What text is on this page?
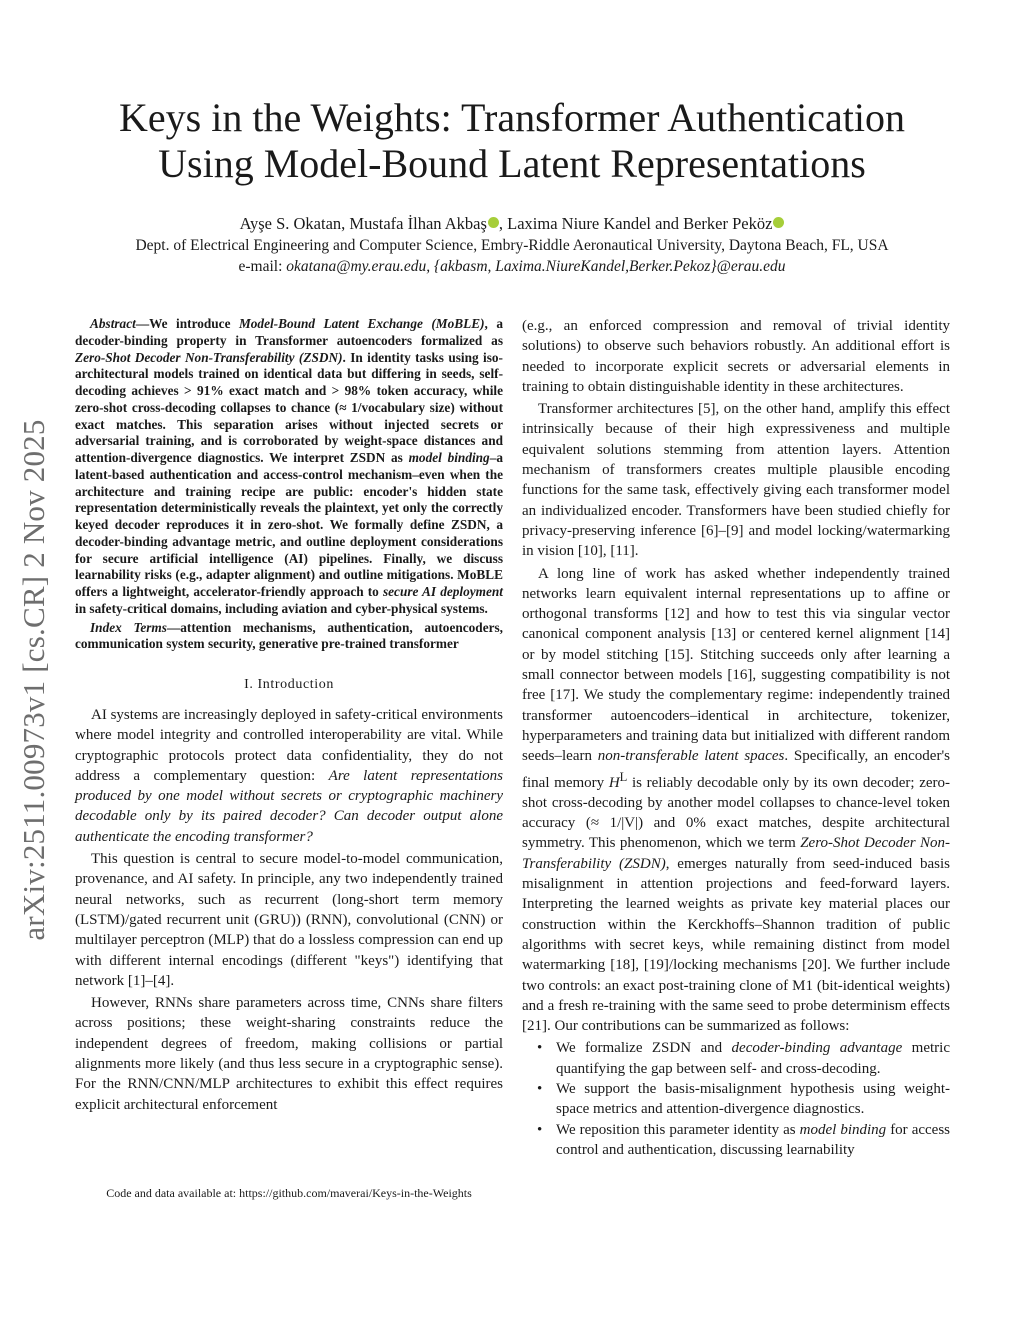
arXiv:2511.00973v1 [cs.CR] 2 Nov 2025
Keys in the Weights: Transformer Authentication
Using Model-Bound Latent Representations
Ayşe S. Okatan, Mustafa İlhan Akbaş , Laxima Niure Kandel and Berker Peköz
Dept. of Electrical Engineering and Computer Science, Embry-Riddle Aeronautical University, Daytona Beach, FL, USA
e-mail: okatana@my.erau.edu, {akbasm, Laxima.NiureKandel,Berker.Pekoz}@erau.edu

Abstract—We introduce Model-Bound Latent Exchange (MoBLE), a decoder-binding property in Transformer autoencoders formalized as Zero-Shot Decoder Non-Transferability (ZSDN). In identity tasks using iso-architectural models trained on identical data but differing in seeds, self-decoding achieves > 91% exact match and > 98% token accuracy, while zero-shot cross-decoding collapses to chance (≈ 1/vocabulary size) without exact matches. This separation arises without injected secrets or adversarial training, and is corroborated by weight-space distances and attention-divergence diagnostics. We interpret ZSDN as model binding–a latent-based authentication and access-control mechanism–even when the architecture and training recipe are public: encoder's hidden state representation deterministically reveals the plaintext, yet only the correctly keyed decoder reproduces it in zero-shot. We formally define ZSDN, a decoder-binding advantage metric, and outline deployment considerations for secure artificial intelligence (AI) pipelines. Finally, we discuss learnability risks (e.g., adapter alignment) and outline mitigations. MoBLE offers a lightweight, accelerator-friendly approach to secure AI deployment in safety-critical domains, including aviation and cyber-physical systems.

Index Terms—attention mechanisms, authentication, autoencoders, communication system security, generative pre-trained transformer

I. Introduction

AI systems are increasingly deployed in safety-critical environments where model integrity and controlled interoperability are vital. While cryptographic protocols protect data confidentiality, they do not address a complementary question: Are latent representations produced by one model without secrets or cryptographic machinery decodable only by its paired decoder? Can decoder output alone authenticate the encoding transformer?

This question is central to secure model-to-model communication, provenance, and AI safety. In principle, any two independently trained neural networks, such as recurrent (long-short term memory (LSTM)/gated recurrent unit (GRU)) (RNN), convolutional (CNN) or multilayer perceptron (MLP) that do a lossless compression can end up with different internal encodings (different "keys") identifying that network [1]–[4].

However, RNNs share parameters across time, CNNs share filters across positions; these weight-sharing constraints reduce the independent degrees of freedom, making collisions or partial alignments more likely (and thus less secure in a cryptographic sense). For the RNN/CNN/MLP architectures to exhibit this effect requires explicit architectural enforcement

(e.g., an enforced compression and removal of trivial identity solutions) to observe such behaviors robustly. An additional effort is needed to incorporate explicit secrets or adversarial elements in training to obtain distinguishable identity in these architectures.

Transformer architectures [5], on the other hand, amplify this effect intrinsically because of their high expressiveness and multiple equivalent solutions stemming from attention layers. Attention mechanism of transformers creates multiple plausible encoding functions for the same task, effectively giving each transformer model an individualized encoder. Transformers have been studied chiefly for privacy-preserving inference [6]–[9] and model locking/watermarking in vision [10], [11].

A long line of work has asked whether independently trained networks learn equivalent internal representations up to affine or orthogonal transforms [12] and how to test this via singular vector canonical component analysis [13] or centered kernel alignment [14] or by model stitching [15]. Stitching succeeds only after learning a small connector between models [16], suggesting compatibility is not free [17]. We study the complementary regime: independently trained transformer autoencoders–identical in architecture, tokenizer, hyperparameters and training data but initialized with different random seeds–learn non-transferable latent spaces. Specifically, an encoder's final memory $H^L$ is reliably decodable only by its own decoder; zero-shot cross-decoding by another model collapses to chance-level token accuracy (≈ 1/|V|) and 0% exact matches, despite architectural symmetry. This phenomenon, which we term Zero-Shot Decoder Non-Transferability (ZSDN), emerges naturally from seed-induced basis misalignment in attention projections and feed-forward layers. Interpreting the learned weights as private key material places our construction within the Kerckhoffs–Shannon tradition of public algorithms with secret keys, while remaining distinct from model watermarking [18], [19]/locking mechanisms [20]. We further include two controls: an exact post-training clone of M1 (bit-identical weights) and a fresh re-training with the same seed to probe determinism effects [21]. Our contributions can be summarized as follows:

• We formalize ZSDN and decoder-binding advantage metric quantifying the gap between self- and cross-decoding.
• We support the basis-misalignment hypothesis using weight-space metrics and attention-divergence diagnostics.
• We reposition this parameter identity as model binding for access control and authentication, discussing learnability
Code and data available at: https://github.com/maverai/Keys-in-the-Weights
